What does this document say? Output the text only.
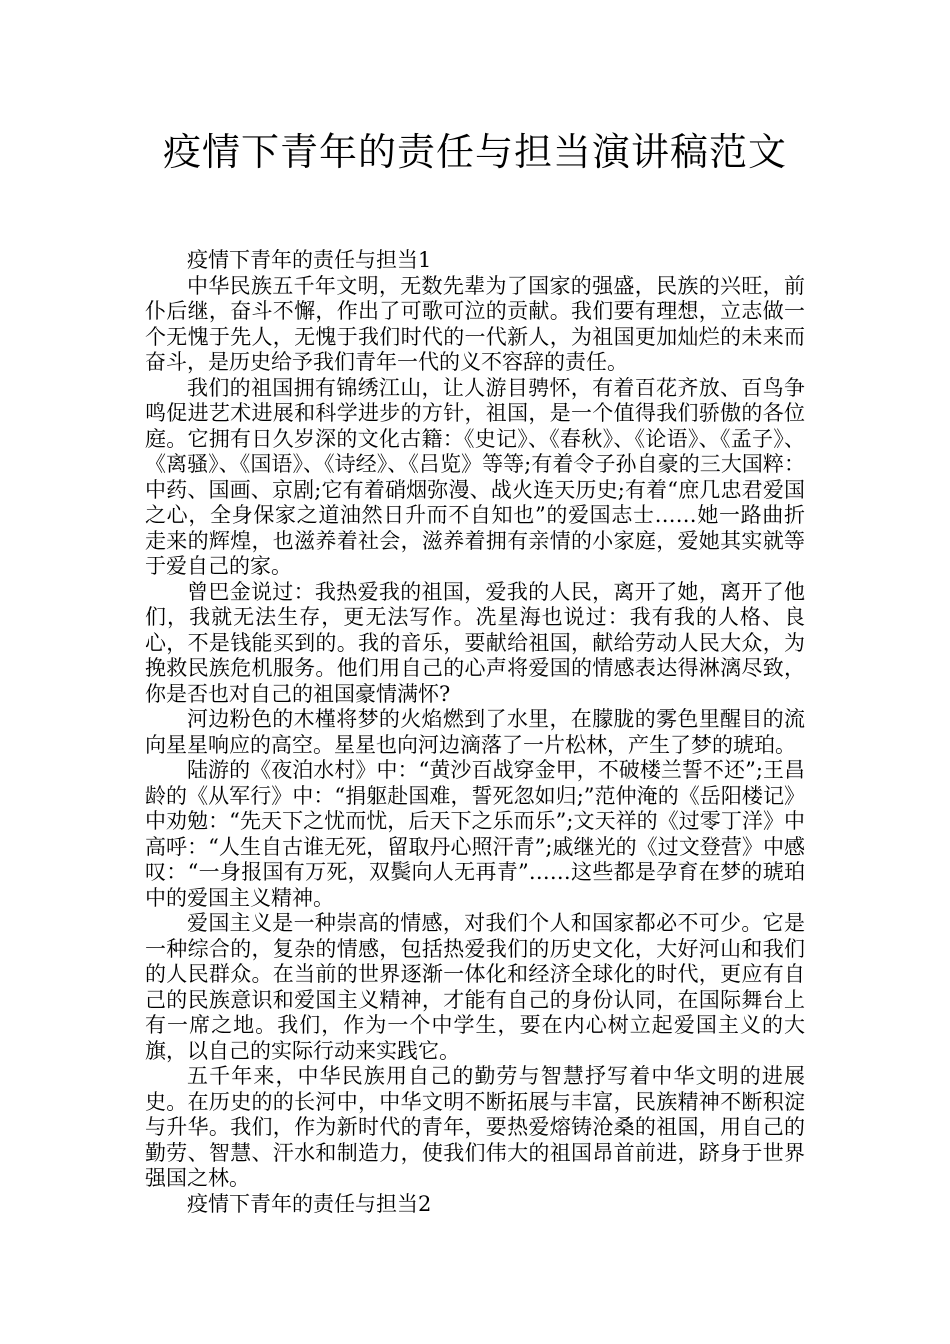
疫情下青年的责任与担当演讲稿范文

疫情下青年的责任与担当1

中华民族五千年文明，无数先辈为了国家的强盛，民族的兴旺，前仆后继，奋斗不懈，作出了可歌可泣的贡献。我们要有理想，立志做一个无愧于先人，无愧于我们时代的一代新人，为祖国更加灿烂的未来而奋斗，是历史给予我们青年一代的义不容辞的责任。

我们的祖国拥有锦绣江山，让人游目骋怀，有着百花齐放、百鸟争鸣促进艺术进展和科学进步的方针，祖国，是一个值得我们骄傲的各位庭。它拥有日久岁深的文化古籍：《史记》、《春秋》、《论语》、《孟子》、《离骚》、《国语》、《诗经》、《吕览》等等;有着令子孙自豪的三大国粹：中药、国画、京剧;它有着硝烟弥漫、战火连天历史;有着“庶几忠君爱国之心，全身保家之道油然日升而不自知也”的爱国志士……她一路曲折走来的辉煌，也滋养着社会，滋养着拥有亲情的小家庭，爱她其实就等于爱自己的家。

曾巴金说过：我热爱我的祖国，爱我的人民，离开了她，离开了他们，我就无法生存，更无法写作。冼星海也说过：我有我的人格、良心，不是钱能买到的。我的音乐，要献给祖国，献给劳动人民大众，为挽救民族危机服务。他们用自己的心声将爱国的情感表达得淋漓尽致，你是否也对自己的祖国豪情满怀?

河边粉色的木槿将梦的火焰燃到了水里，在朦胧的雾色里醒目的流向星星响应的高空。星星也向河边滴落了一片松林，产生了梦的琥珀。

陆游的《夜泊水村》中：“黄沙百战穿金甲，不破楼兰誓不还”;王昌龄的《从军行》中：“捐躯赴国难，誓死忽如归;”范仲淹的《岳阳楼记》中劝勉：“先天下之忧而忧，后天下之乐而乐”;文天祥的《过零丁洋》中高呼：“人生自古谁无死，留取丹心照汗青”;戚继光的《过文登营》中感叹：“一身报国有万死，双鬓向人无再青”……这些都是孕育在梦的琥珀中的爱国主义精神。

爱国主义是一种崇高的情感，对我们个人和国家都必不可少。它是一种综合的，复杂的情感，包括热爱我们的历史文化，大好河山和我们的人民群众。在当前的世界逐渐一体化和经济全球化的时代，更应有自己的民族意识和爱国主义精神，才能有自己的身份认同，在国际舞台上有一席之地。我们，作为一个中学生，要在内心树立起爱国主义的大旗，以自己的实际行动来实践它。

五千年来，中华民族用自己的勤劳与智慧抒写着中华文明的进展史。在历史的的长河中，中华文明不断拓展与丰富，民族精神不断积淀与升华。我们，作为新时代的青年，要热爱熔铸沧桑的祖国，用自己的勤劳、智慧、汗水和制造力，使我们伟大的祖国昂首前进，跻身于世界强国之林。

疫情下青年的责任与担当2
